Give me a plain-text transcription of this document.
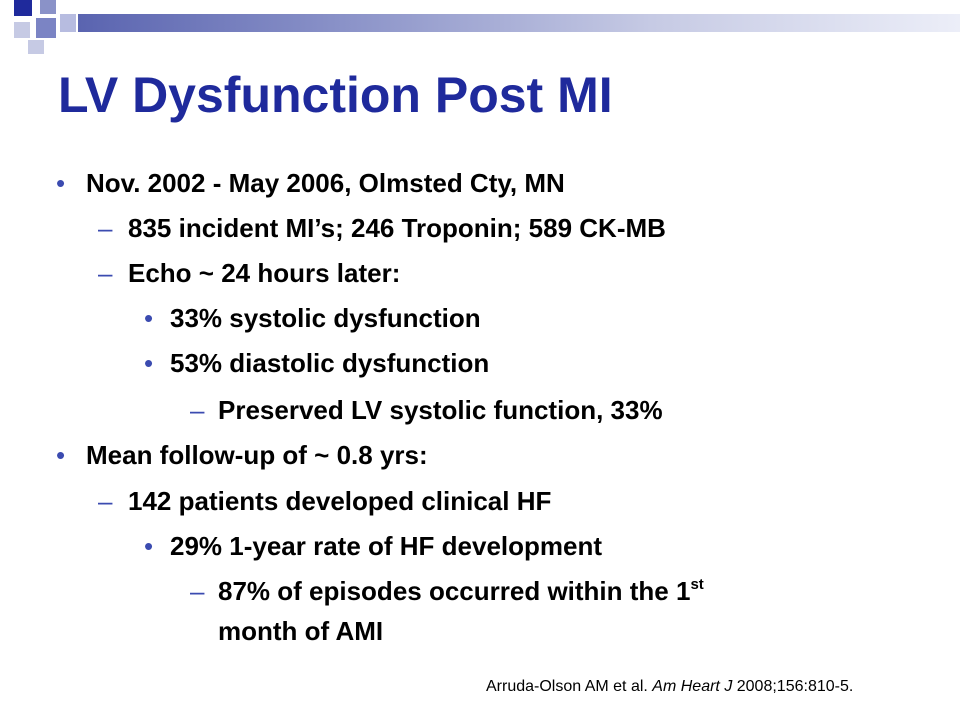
LV Dysfunction Post MI
• Nov. 2002 - May 2006, Olmsted Cty, MN
– 835 incident MI’s; 246 Troponin; 589 CK-MB
– Echo ~ 24 hours later:
• 33% systolic dysfunction
• 53% diastolic dysfunction
– Preserved LV systolic function, 33%
• Mean follow-up of ~ 0.8 yrs:
– 142 patients developed clinical HF
• 29% 1-year rate of HF development
– 87% of episodes occurred within the 1st
month of AMI
Arruda-Olson AM et al. Am Heart J 2008;156:810-5.
